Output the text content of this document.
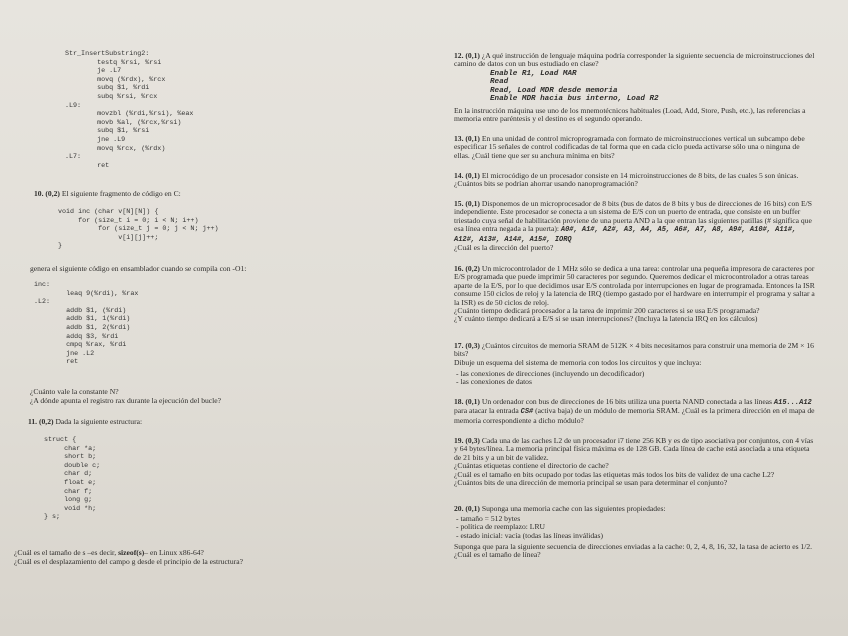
Str_InsertSubstring2:
testq %rsi, %rsi
je .L7
movq (%rdx), %rcx
subq $1, %rdi
subq %rsi, %rcx
.L9:
movzbl (%rdi,%rsi), %eax
movb %al, (%rcx,%rsi)
subq $1, %rsi
jne .L9
movq %rcx, (%rdx)
.L7:
ret

10. (0,2) El siguiente fragmento de código en C:

void inc (char v[N][N]) {
for (size_t i = 0; i < N; i++)
for (size_t j = 0; j < N; j++)
v[i][j]++;
}

genera el siguiente código en ensamblador cuando se compila con -O1:

inc:
leaq 9(%rdi), %rax
.L2:
addb $1, (%rdi)
addb $1, 1(%rdi)
addb $1, 2(%rdi)
addq $3, %rdi
cmpq %rax, %rdi
jne .L2
ret

¿Cuánto vale la constante N?

¿A dónde apunta el registro rax durante la ejecución del bucle?

11. (0,2) Dada la siguiente estructura:

struct {
char *a;
short b;
double c;
char d;
float e;
char f;
long g;
void *h;
} s;

¿Cuál es el tamaño de s –es decir, sizeof(s)– en Linux x86-64?

¿Cuál es el desplazamiento del campo g desde el principio de la estructura?

12. (0,1) ¿A qué instrucción de lenguaje máquina podría corresponder la siguiente secuencia de microinstrucciones del camino de datos con un bus estudiado en clase?

Enable R1, Load MAR
Read
Read, Load MDR desde memoria
Enable MDR hacia bus interno, Load R2

En la instrucción máquina use uno de los mnemotécnicos habituales (Load, Add, Store, Push, etc.), las referencias a memoria entre paréntesis y el destino es el segundo operando.

13. (0,1) En una unidad de control microprogramada con formato de microinstrucciones vertical un subcampo debe especificar 15 señales de control codificadas de tal forma que en cada ciclo pueda activarse sólo una o ninguna de ellas. ¿Cuál tiene que ser su anchura mínima en bits?

14. (0,1) El microcódigo de un procesador consiste en 14 microinstrucciones de 8 bits, de las cuales 5 son únicas. ¿Cuántos bits se podrían ahorrar usando nanoprogramación?

15. (0,1) Disponemos de un microprocesador de 8 bits (bus de datos de 8 bits y bus de direcciones de 16 bits) con E/S independiente. Este procesador se conecta a un sistema de E/S con un puerto de entrada, que consiste en un buffer triestado cuya señal de habilitación proviene de una puerta AND a la que entran las siguientes patillas (# significa que esa línea entra negada a la puerta): A0#, A1#, A2#, A3, A4, A5, A6#, A7, A8, A9#, A10#, A11#, A12#, A13#, A14#, A15#, IORQ
¿Cuál es la dirección del puerto?

16. (0,2) Un microcontrolador de 1 MHz sólo se dedica a una tarea: controlar una pequeña impresora de caracteres por E/S programada que puede imprimir 50 caracteres por segundo. Queremos dedicar el microcontrolador a otras tareas aparte de la E/S, por lo que decidimos usar E/S controlada por interrupciones en lugar de programada. Entonces la ISR consume 150 ciclos de reloj y la latencia de IRQ (tiempo gastado por el hardware en interrumpir el programa y saltar a la ISR) es de 50 ciclos de reloj.
¿Cuánto tiempo dedicará procesador a la tarea de imprimir 200 caracteres si se usa E/S programada?
¿Y cuánto tiempo dedicará a E/S si se usan interrupciones? (Incluya la latencia IRQ en los cálculos)

17. (0,3) ¿Cuántos circuitos de memoria SRAM de 512K × 4 bits necesitamos para construir una memoria de 2M × 16 bits?
Dibuje un esquema del sistema de memoria con todos los circuitos y que incluya:

- las conexiones de direcciones (incluyendo un decodificador)
- las conexiones de datos

18. (0,1) Un ordenador con bus de direcciones de 16 bits utiliza una puerta NAND conectada a las líneas A15...A12 para atacar la entrada CS# (activa baja) de un módulo de memoria SRAM. ¿Cuál es la primera dirección en el mapa de memoria correspondiente a dicho módulo?

19. (0,3) Cada una de las caches L2 de un procesador i7 tiene 256 KB y es de tipo asociativa por conjuntos, con 4 vías y 64 bytes/línea. La memoria principal física máxima es de 128 GB. Cada línea de cache está asociada a una etiqueta de 21 bits y a un bit de validez.
¿Cuántas etiquetas contiene el directorio de cache?
¿Cuál es el tamaño en bits ocupado por todas las etiquetas más todos los bits de validez de una cache L2?
¿Cuántos bits de una dirección de memoria principal se usan para determinar el conjunto?

20. (0,1) Suponga una memoria cache con las siguientes propiedades:

- tamaño = 512 bytes
- política de reemplazo: LRU
- estado inicial: vacía (todas las líneas inválidas)

Suponga que para la siguiente secuencia de direcciones enviadas a la cache: 0, 2, 4, 8, 16, 32, la tasa de acierto es 1/2. ¿Cuál es el tamaño de línea?
